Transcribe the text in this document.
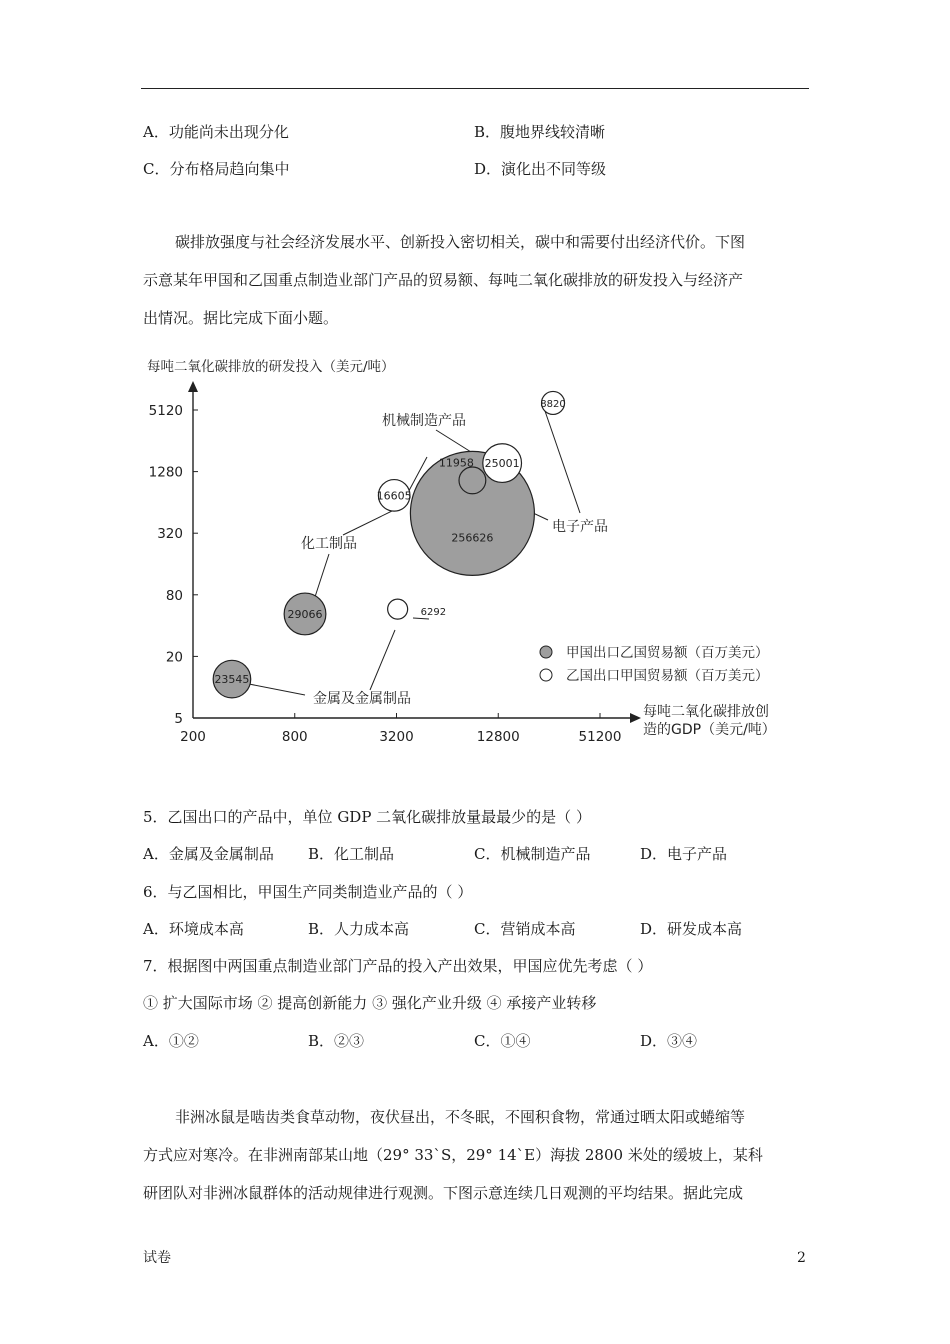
A．功能尚未出现分化	B．腹地界线较清晰
C．分布格局趋向集中	D．演化出不同等级
碳排放强度与社会经济发展水平、创新投入密切相关，碳中和需要付出经济代价。下图
示意某年甲国和乙国重点制造业部门产品的贸易额、每吨二氧化碳排放的研发投入与经济产
出情况。据比完成下面小题。
每吨二氧化碳排放的研发投入（美元/吨）
5
20
80
320
1280
5120
200	800	3200	12800	51200
每吨二氧化碳排放创
造的GDP（美元/吨）
256626
16605
11958 25001
8820
29066
23545
6292
机械制造产品
电子产品
化工制品
金属及金属制品
甲国出口乙国贸易额（百万美元）
乙国出口甲国贸易额（百万美元）
5．乙国出口的产品中，单位 GDP 二氧化碳排放量最最少的是（ ）
A．金属及金属制品 B．化工制品	C．机械制造产品	D．电子产品
6．与乙国相比，甲国生产同类制造业产品的（ ）
A．环境成本高	B．人力成本高	C．营销成本高	D．研发成本高
7．根据图中两国重点制造业部门产品的投入产出效果，甲国应优先考虑（ ）
① 扩大国际市场 ② 提高创新能力 ③ 强化产业升级 ④ 承接产业转移
A．①②	B．②③	C．①④	D．③④
非洲冰鼠是啮齿类食草动物，夜伏昼出，不冬眠，不囤积食物，常通过晒太阳或蜷缩等
方式应对寒冷。在非洲南部某山地（29° 33`S，29° 14`E）海拔 2800 米处的缓坡上，某科
研团队对非洲冰鼠群体的活动规律进行观测。下图示意连续几日观测的平均结果。据此完成
试卷	2
